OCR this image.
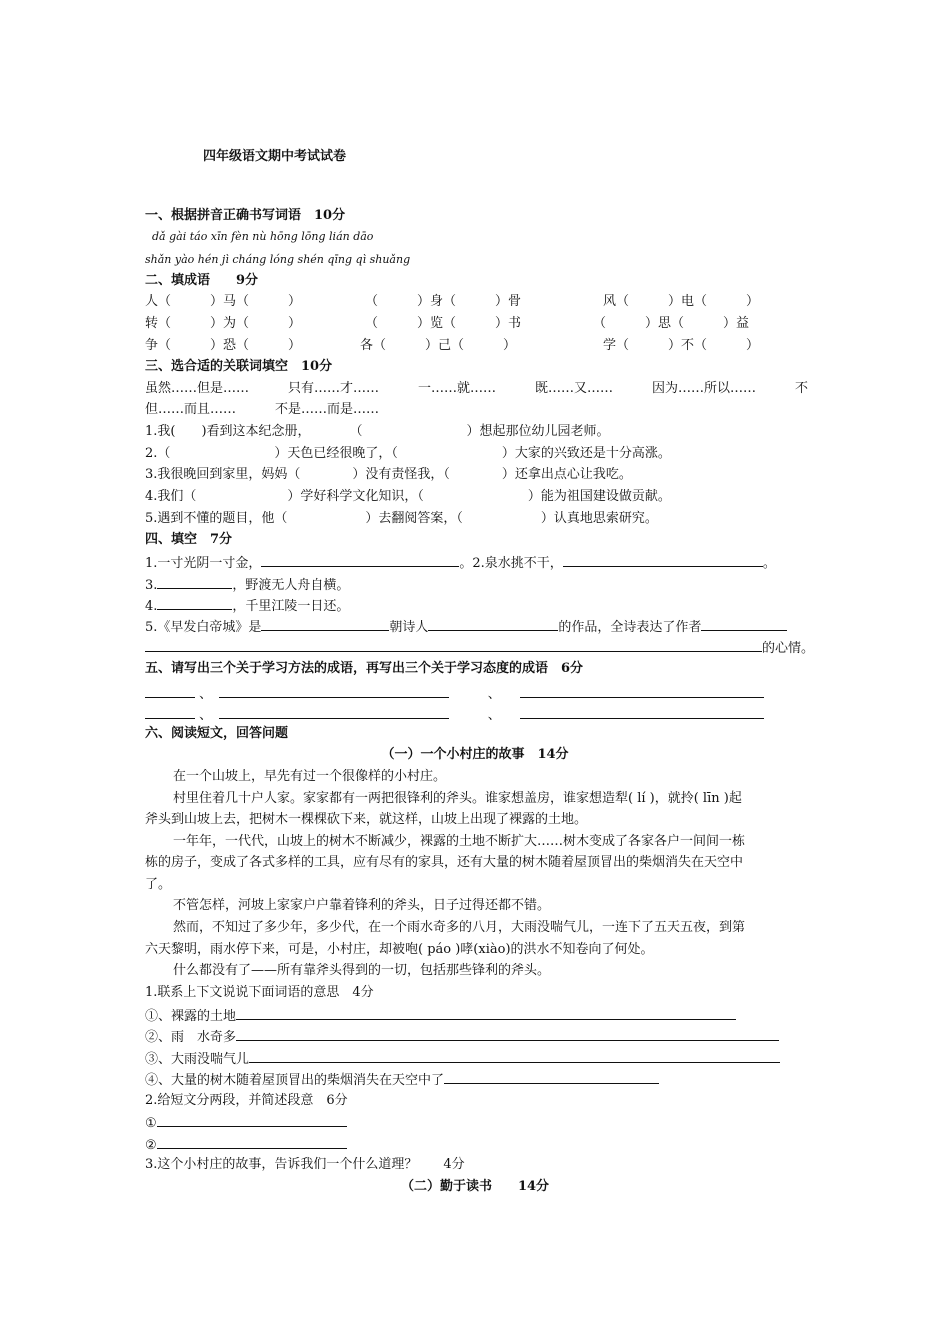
四年级语文期中考试试卷
一、根据拼音正确书写词语　10分
dǎ gài táo xīn fèn nù hōng lōng lián dāo
shǎn yào hén jì cháng lóng shén qīng qì shuǎng
二、填成语　　9分
人（　　　）马（　　　）	（　　　）身（　　　）骨	风（　　　）电（　　　）
转（　　　）为（　　　）	（　　　）览（　　　）书	（　　　）思（　　　）益
争（　　　）恐（　　　）	各（　　　）己（　　　）	学（　　　）不（　　　）
三、选合适的关联词填空　10分
虽然……但是……　　　只有……才……　　　一……就……　　　既……又……　　　因为……所以……　　　不
但……而且……　　　不是……而是……
1.我(　　)看到这本纪念册，　　　　（　　　　　　　　）想起那位幼儿园老师。
2.（　　　　　　　　）天色已经很晚了，（　　　　　　　　）大家的兴致还是十分高涨。
3.我很晚回到家里，妈妈（　　　　）没有责怪我，（　　　　）还拿出点心让我吃。
4.我们（　　　　　　　）学好科学文化知识，（　　　　　　　　）能为祖国建设做贡献。
5.遇到不懂的题目，他（　　　　　　）去翻阅答案，（　　　　　　）认真地思索研究。
四、填空　7分
1.一寸光阴一寸金，	。2.泉水挑不干，	。
3.	，野渡无人舟自横。
4.	，千里江陵一日还。
5.《早发白帝城》是	朝诗人	的作品，全诗表达了作者
的心情。
五、请写出三个关于学习方法的成语，再写出三个关于学习态度的成语　6分
、　　　　	、　　
、　　　　	、　　
六、阅读短文，回答问题
（一）一个小村庄的故事　14分
在一个山坡上，早先有过一个很像样的小村庄。
村里住着几十户人家。家家都有一两把很锋利的斧头。谁家想盖房，谁家想造犁( lí )，就拎( līn )起
斧头到山坡上去，把树木一棵棵砍下来，就这样，山坡上出现了裸露的土地。
一年年，一代代，山坡上的树木不断减少，裸露的土地不断扩大……树木变成了各家各户一间间一栋
栋的房子，变成了各式多样的工具，应有尽有的家具，还有大量的树木随着屋顶冒出的柴烟消失在天空中
了。
不管怎样，河坡上家家户户靠着锋利的斧头，日子过得还都不错。
然而，不知过了多少年，多少代，在一个雨水奇多的八月，大雨没喘气儿，一连下了五天五夜，到第
六天黎明，雨水停下来，可是，小村庄，却被咆( páo )哮(xiào)的洪水不知卷向了何处。
什么都没有了——所有靠斧头得到的一切，包括那些锋利的斧头。
1.联系上下文说说下面词语的意思　4分
①、裸露的土地
②、雨　水奇多
③、大雨没喘气儿
④、大量的树木随着屋顶冒出的柴烟消失在天空中了
2.给短文分两段，并简述段意　6分
①
②
3.这个小村庄的故事，告诉我们一个什么道理？　　4分
（二）勤于读书　　14分
